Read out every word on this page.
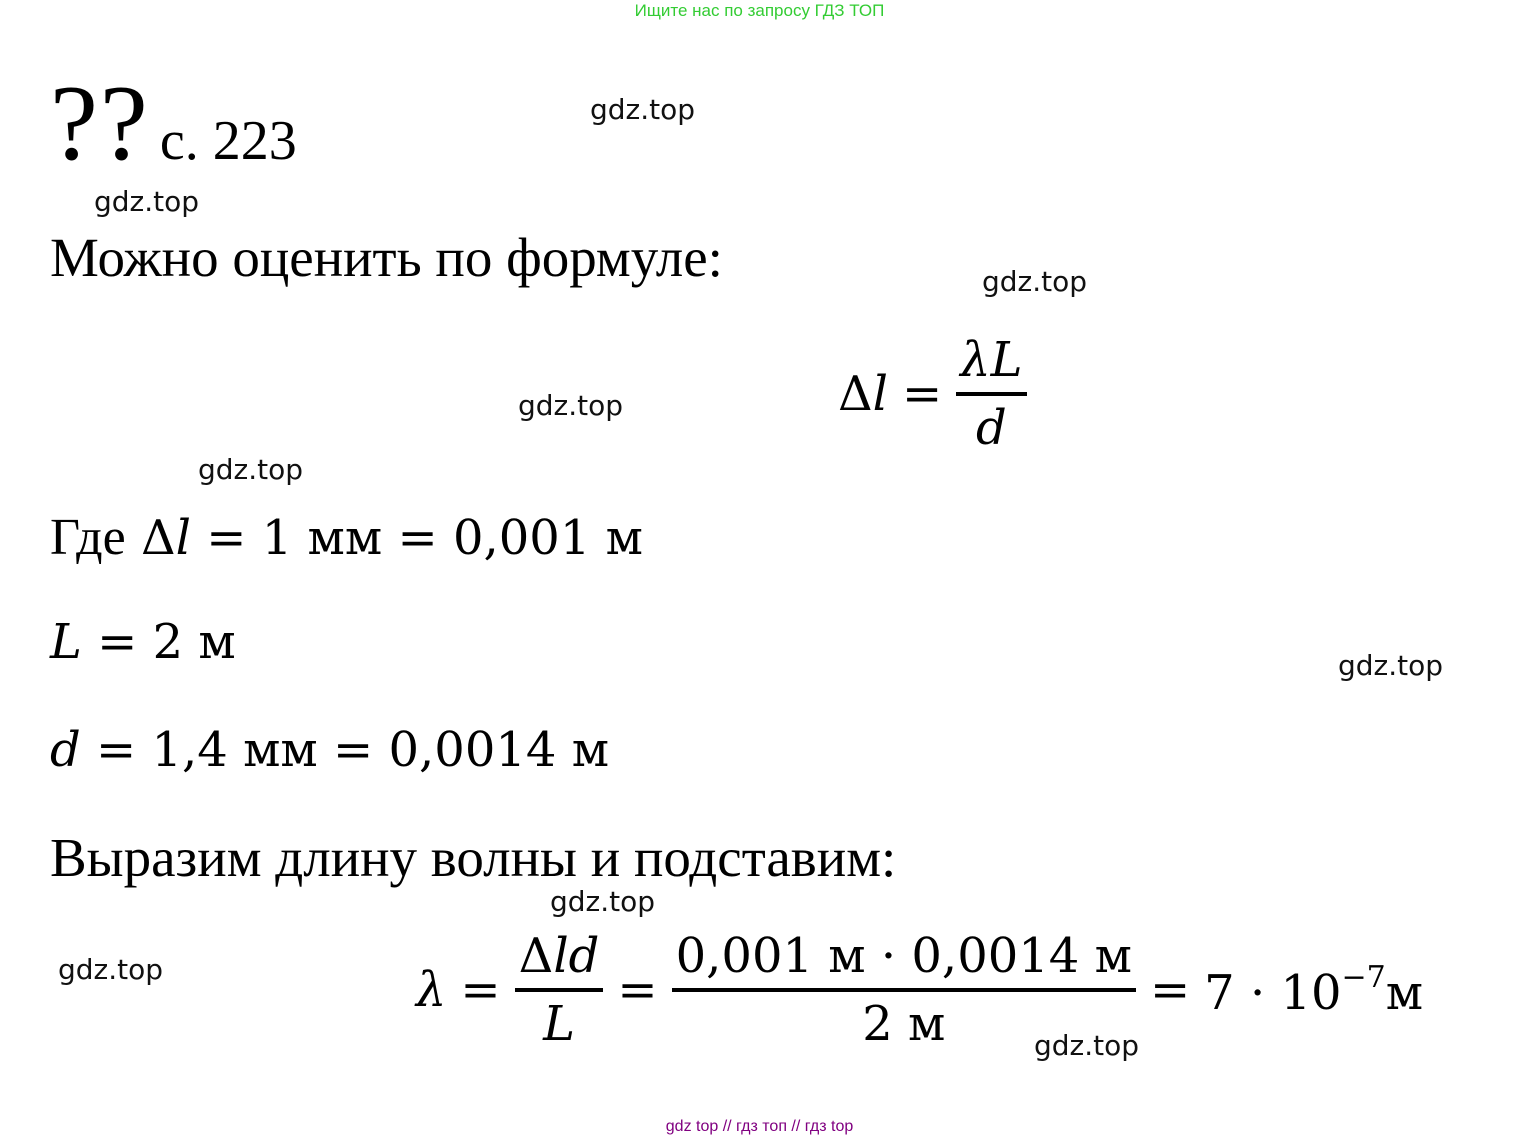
Ищите нас по запросу ГДЗ ТОП
?? с. 223
gdz.top
gdz.top
gdz.top
gdz.top
gdz.top
gdz.top
gdz.top
gdz.top
gdz.top
Можно оценить по формуле:
$\Delta l = \frac{\lambda L}{d}$
Где Δl = 1 мм = 0,001 м
L = 2 м
d = 1,4 мм = 0,0014 м
Выразим длину волны и подставим:
$\lambda = \frac{\text{Δld}}{L} = \frac{0,001 м \cdot 0,0014 м}{2 м} = 7 \cdot 10^{-7}м$
gdz top // гдз топ // гдз top
